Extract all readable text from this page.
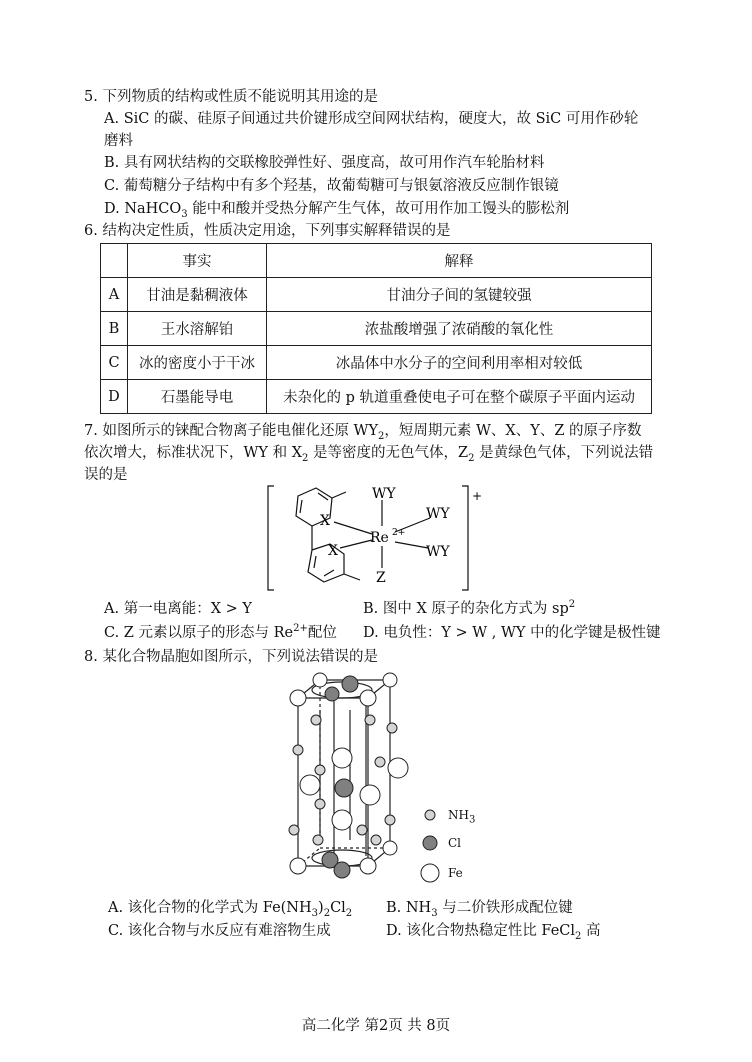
5. 下列物质的结构或性质不能说明其用途的是
A. SiC 的碳、硅原子间通过共价键形成空间网状结构，硬度大，故 SiC 可用作砂轮
磨料
B. 具有网状结构的交联橡胶弹性好、强度高，故可用作汽车轮胎材料
C. 葡萄糖分子结构中有多个羟基，故葡萄糖可与银氨溶液反应制作银镜
D. NaHCO$_3$ 能中和酸并受热分解产生气体，故可用作加工馒头的膨松剂
6. 结构决定性质，性质决定用途，下列事实解释错误的是
	事实	解释
A	甘油是黏稠液体	甘油分子间的氢键较强
B	王水溶解铂	浓盐酸增强了浓硝酸的氧化性
C	冰的密度小于干冰	冰晶体中水分子的空间利用率相对较低
D	石墨能导电	未杂化的 p 轨道重叠使电子可在整个碳原子平面内运动
7. 如图所示的铼配合物离子能电催化还原 $WY_2$，短周期元素 W、X、Y、Z 的原子序数
依次增大，标准状况下，WY 和 $X_2$ 是等密度的无色气体，$Z_2$ 是黄绿色气体，下列说法错
误的是
WY
WY
WY
Re 2+
X
X
Z
+
A. 第一电离能：X > Y	B. 图中 X 原子的杂化方式为 $sp^2$
C. Z 元素以原子的形态与 $Re^{2+}$配位 D. 电负性：Y > W , WY 中的化学键是极性键
8. 某化合物晶胞如图所示，下列说法错误的是
$NH_3$
Cl
Fe
A. 该化合物的化学式为 $Fe(NH_3)_2Cl_2$ B. $NH_3$ 与二价铁形成配位键
C. 该化合物与水反应有难溶物生成	D. 该化合物热稳定性比 FeCl$_2$ 高
高二化学 第2页 共 8页
